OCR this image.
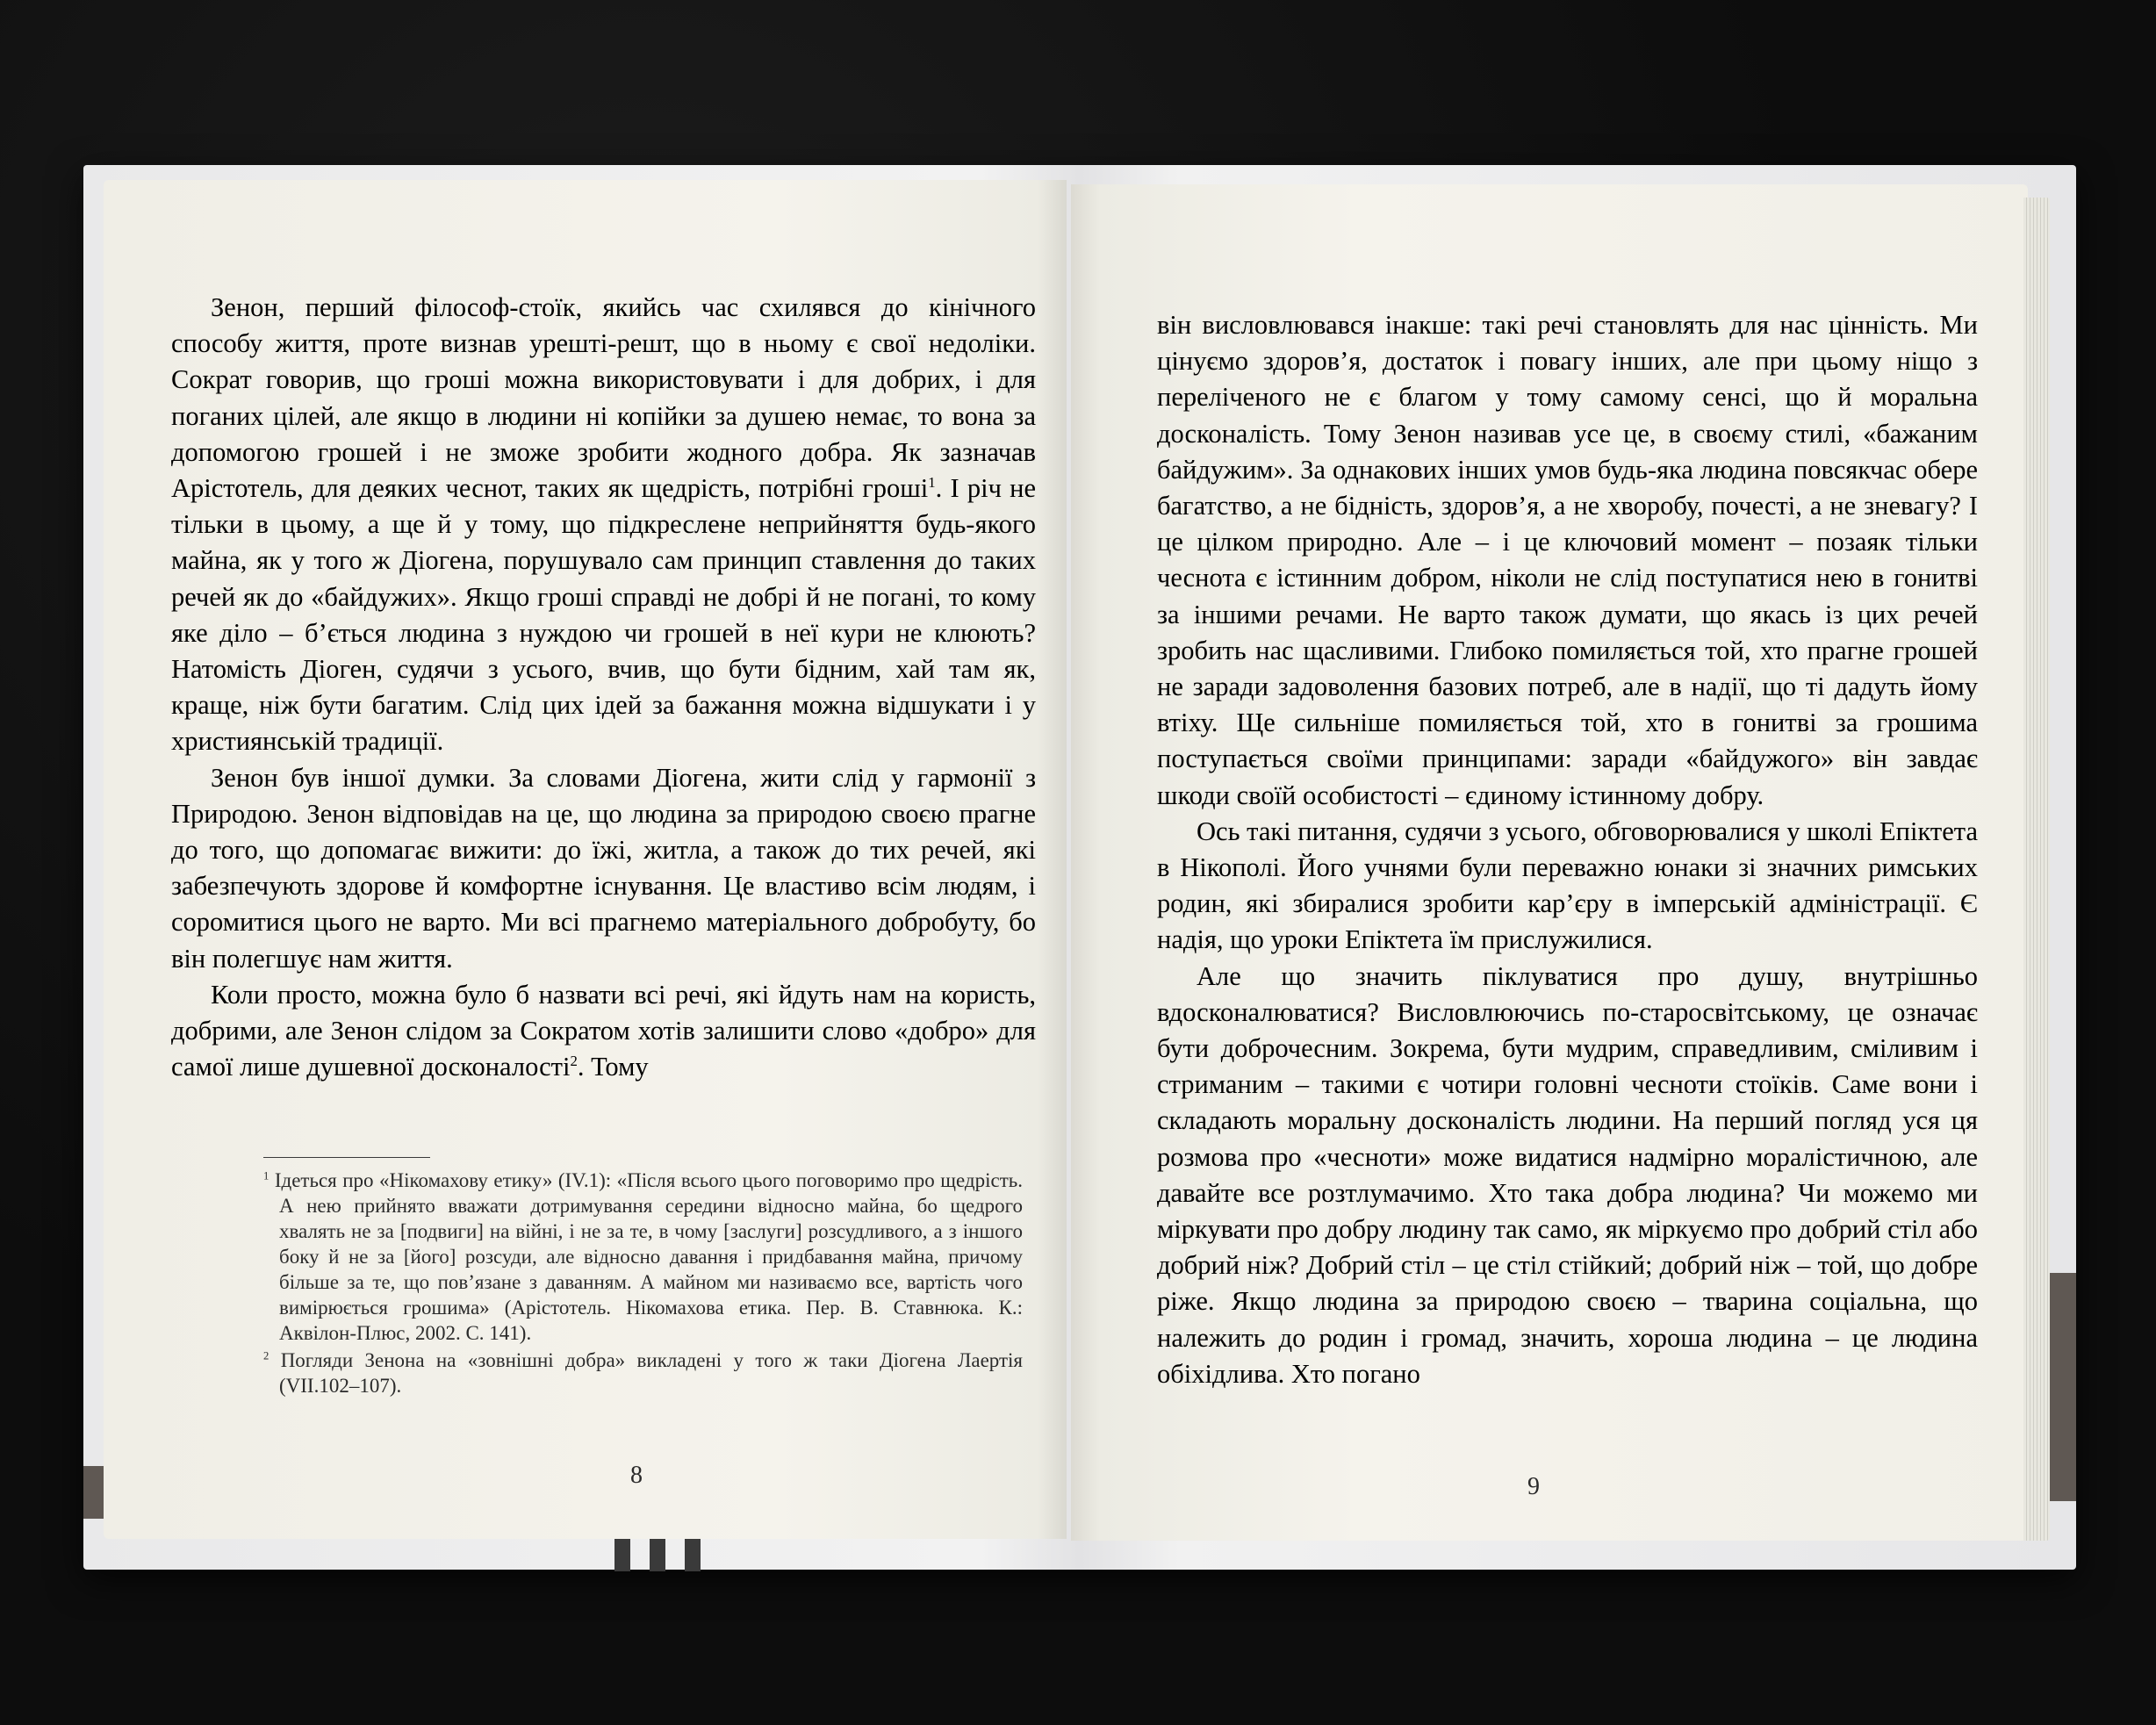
Зенон, перший філософ-стоїк, якийсь час схилявся до кінічного способу життя, проте визнав урешті-решт, що в ньому є свої недоліки. Сократ говорив, що гроші можна використовувати і для добрих, і для поганих цілей, але якщо в людини ні копійки за душею немає, то вона за допомогою грошей і не зможе зробити жодного добра. Як зазначав Арістотель, для деяких чеснот, таких як щедрість, потрібні гроші$^1$. І річ не тільки в цьому, а ще й у тому, що підкреслене неприйняття будь-якого майна, як у того ж Діогена, порушувало сам принцип ставлення до таких речей як до «байдужих». Якщо гроші справді не добрі й не погані, то кому яке діло – б’ється людина з нуждою чи грошей в неї кури не клюють? Натомість Діоген, судячи з усього, вчив, що бути бідним, хай там як, краще, ніж бути багатим. Слід цих ідей за бажання можна відшукати і у християнській традиції.

Зенон був іншої думки. За словами Діогена, жити слід у гармонії з Природою. Зенон відповідав на це, що людина за природою своєю прагне до того, що допомагає вижити: до їжі, житла, а також до тих речей, які забезпечують здорове й комфортне існування. Це властиво всім людям, і соромитися цього не варто. Ми всі прагнемо матеріального добробуту, бо він полегшує нам життя.

Коли просто, можна було б назвати всі речі, які йдуть нам на користь, добрими, але Зенон слідом за Сократом хотів залишити слово «добро» для самої лише душевної досконалості$^2$. Тому

$^1$ Ідеться про «Нікомахову етику» (IV.1): «Після всього цього поговоримо про щедрість. А нею прийнято вважати дотримування середини відносно майна, бо щедрого хвалять не за [подвиги] на війні, і не за те, в чому [заслуги] розсудливого, а з іншого боку й не за [його] розсуди, але відносно давання і придбавання майна, причому більше за те, що пов’язане з даванням. А майном ми називаємо все, вартість чого вимірюється грошима» (Арістотель. Нікомахова етика. Пер. В. Ставнюка. К.: Аквілон-Плюс, 2002. С. 141).

$^2$ Погляди Зенона на «зовнішні добра» викладені у того ж таки Діогена Лаертія (VII.102–107).

8

він висловлювався інакше: такі речі становлять для нас цінність. Ми цінуємо здоров’я, достаток і повагу інших, але при цьому ніщо з переліченого не є благом у тому самому сенсі, що й моральна досконалість. Тому Зенон називав усе це, в своєму стилі, «бажаним байдужим». За однакових інших умов будь-яка людина повсякчас обере багатство, а не бідність, здоров’я, а не хворобу, почесті, а не зневагу? І це цілком природно. Але – і це ключовий момент – позаяк тільки чеснота є істинним добром, ніколи не слід поступатися нею в гонитві за іншими речами. Не варто також думати, що якась із цих речей зробить нас щасливими. Глибоко помиляється той, хто прагне грошей не заради задоволення базових потреб, але в надії, що ті дадуть йому втіху. Ще сильніше помиляється той, хто в гонитві за грошима поступається своїми принципами: заради «байдужого» він завдає шкоди своїй особистості – єдиному істинному добру.

Ось такі питання, судячи з усього, обговорювалися у школі Епіктета в Нікополі. Його учнями були переважно юнаки зі значних римських родин, які збиралися зробити кар’єру в імперській адміністрації. Є надія, що уроки Епіктета їм прислужилися.

Але що значить піклуватися про душу, внутрішньо вдосконалюватися? Висловлюючись по-старосвітському, це означає бути доброчесним. Зокрема, бути мудрим, справедливим, сміливим і стриманим – такими є чотири головні чесноти стоїків. Саме вони і складають моральну досконалість людини. На перший погляд уся ця розмова про «чесноти» може видатися надмірно моралістичною, але давайте все розтлумачимо. Хто така добра людина? Чи можемо ми міркувати про добру людину так само, як міркуємо про добрий стіл або добрий ніж? Добрий стіл – це стіл стійкий; добрий ніж – той, що добре ріже. Якщо людина за природою своєю – тварина соціальна, що належить до родин і громад, значить, хороша людина – це людина обіхідлива. Хто погано

9
